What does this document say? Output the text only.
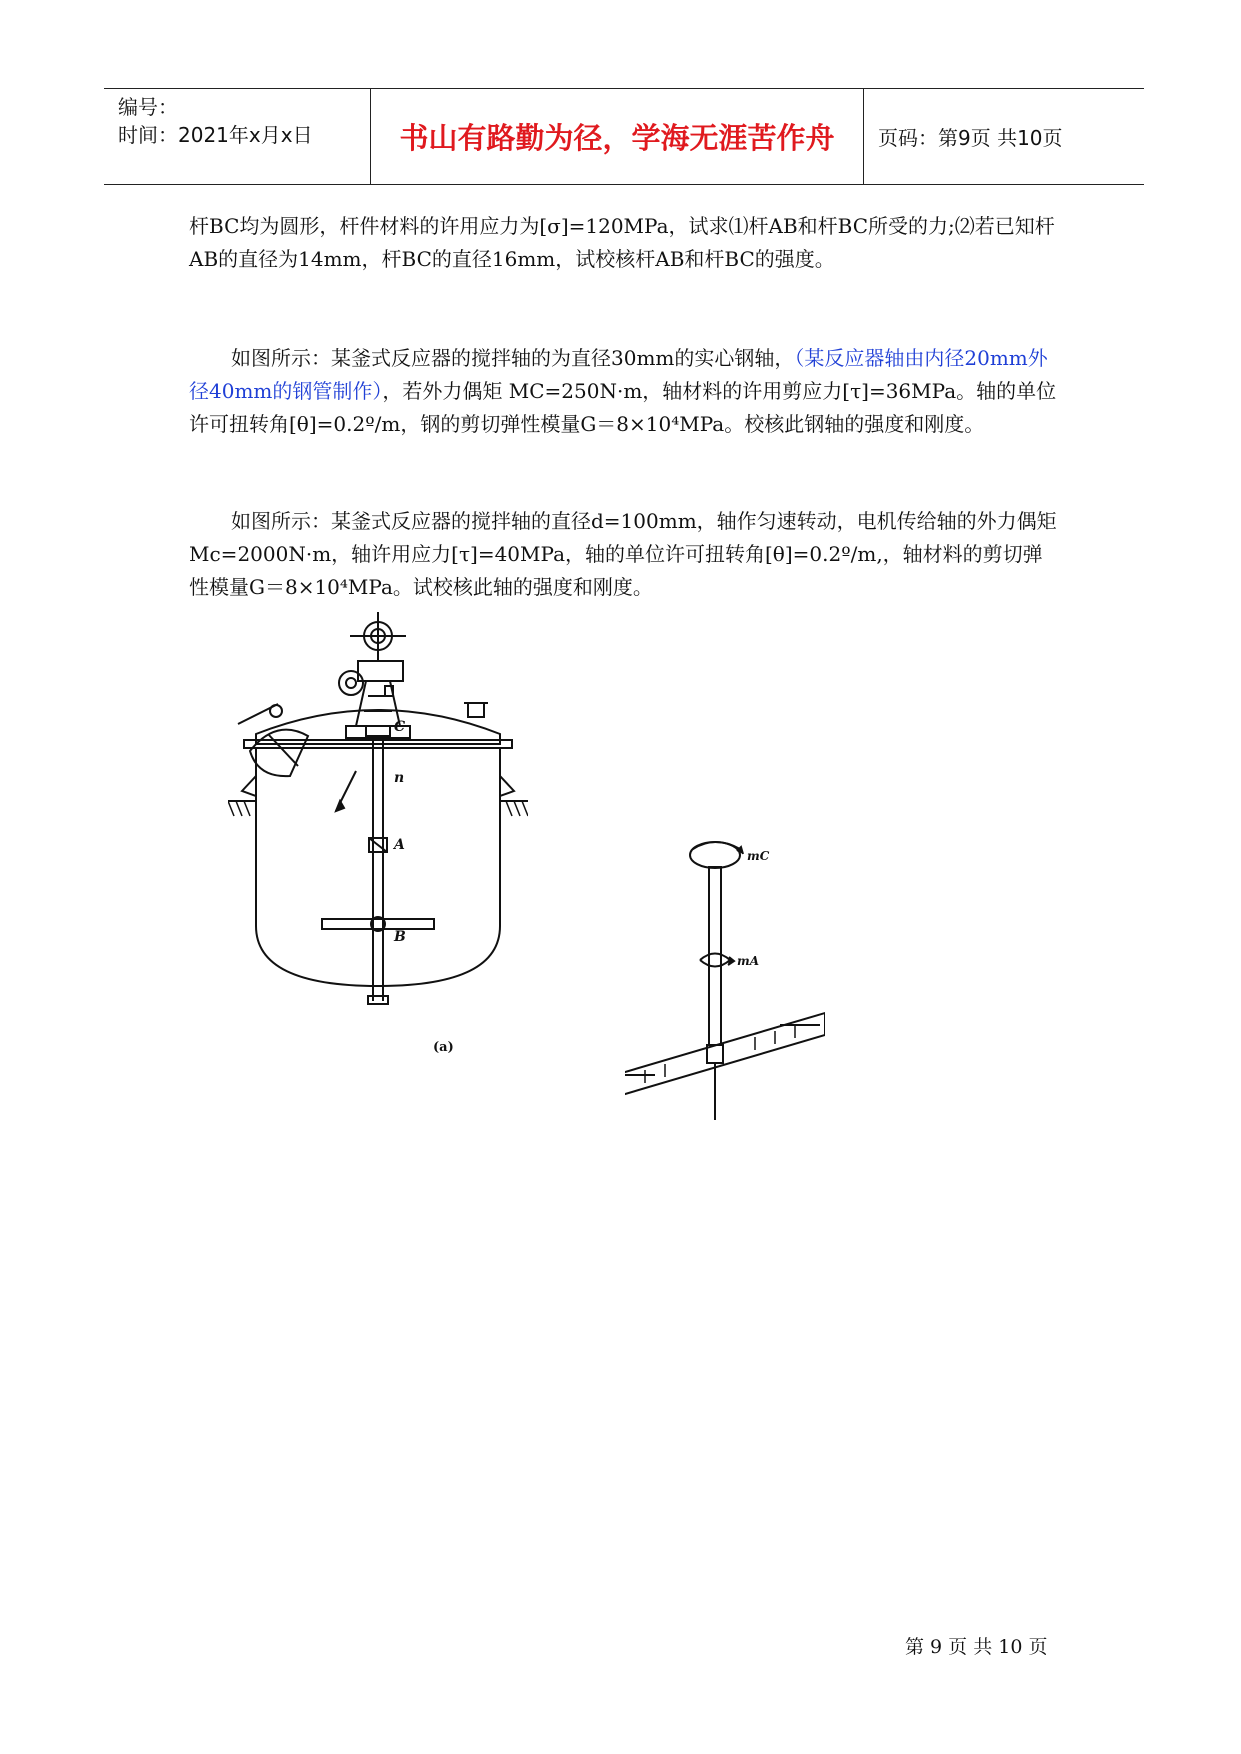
编号：
时间：2021年x月x日	书山有路勤为径，学海无涯苦作舟	页码：第9页 共10页
杆BC均为圆形，杆件材料的许用应力为[σ]=120MPa，试求⑴杆AB和杆BC所受的力;⑵若已知杆AB的直径为14mm，杆BC的直径16mm，试校核杆AB和杆BC的强度。
如图所示：某釜式反应器的搅拌轴的为直径30mm的实心钢轴，（某反应器轴由内径20mm外径40mm的钢管制作），若外力偶矩 MC=250N·m，轴材料的许用剪应力[τ]=36MPa。轴的单位许可扭转角[θ]=0.2º/m，钢的剪切弹性模量G＝8×10⁴MPa。校核此钢轴的强度和刚度。
如图所示：某釜式反应器的搅拌轴的直径d=100mm，轴作匀速转动，电机传给轴的外力偶矩Mc=2000N·m，轴许用应力[τ]=40MPa，轴的单位许可扭转角[θ]=0.2º/m,，轴材料的剪切弹性模量G＝8×10⁴MPa。试校核此轴的强度和刚度。
C
n
A
B
(a)
mC
mA
第 9 页 共 10 页
